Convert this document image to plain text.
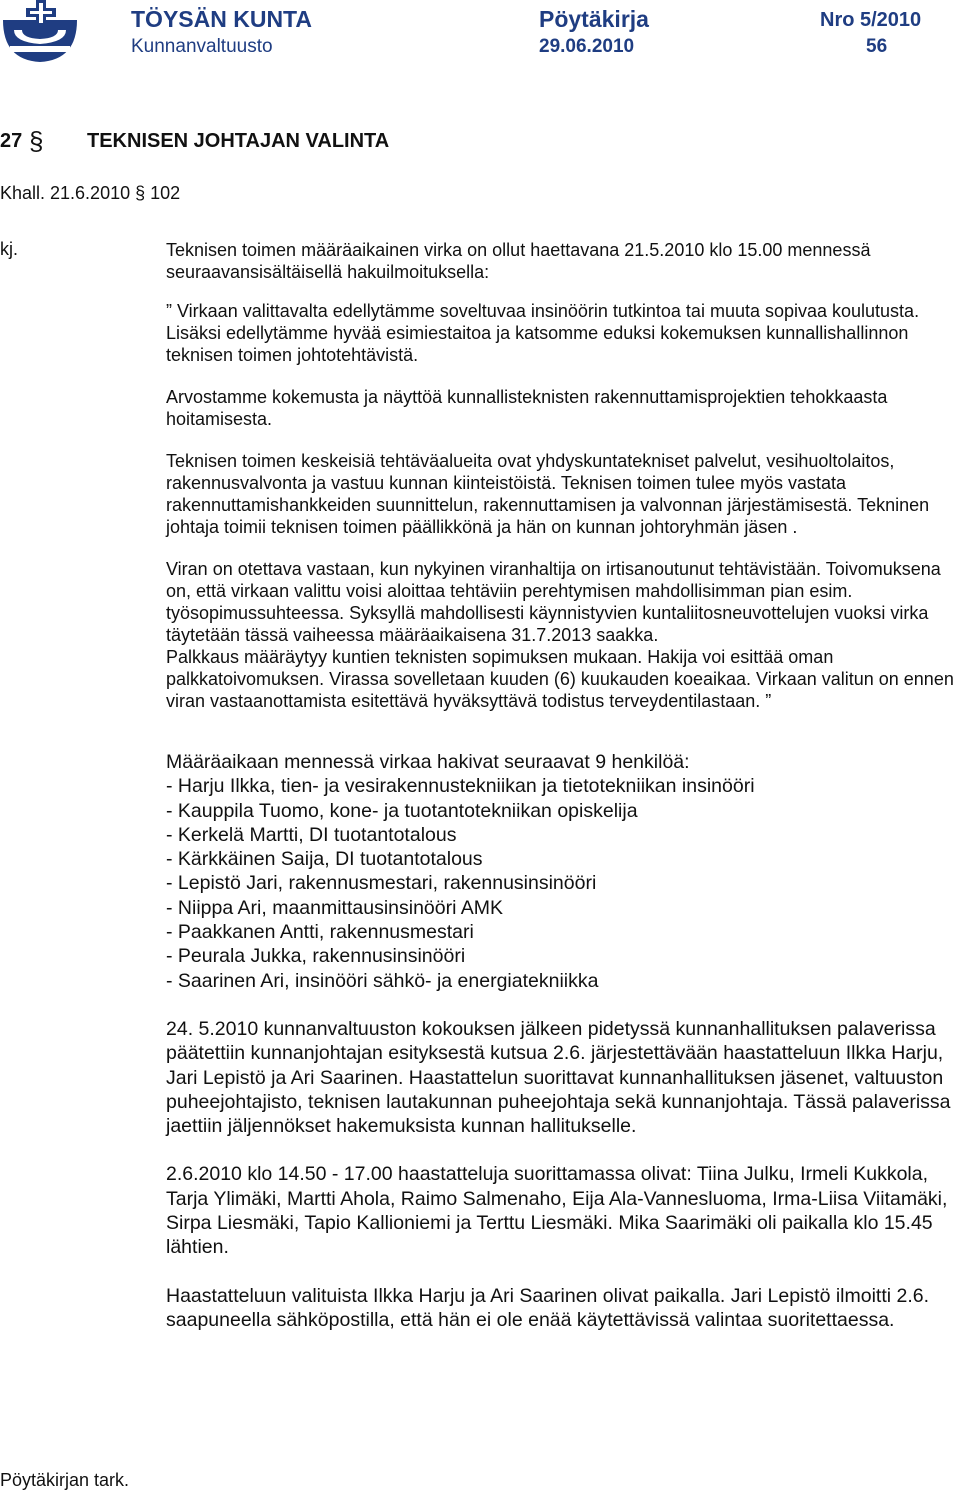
TÖYSÄN KUNTA	Pöytäkirja	Nro 5/2010
Kunnanvaltuusto	29.06.2010	56
27 § TEKNISEN JOHTAJAN VALINTA
Khall. 21.6.2010 § 102
kj.	Teknisen toimen määräaikainen virka on ollut haettavana 21.5.2010 klo 15.00 mennessä seuraavansisältäisellä hakuilmoituksella:

” Virkaan valittavalta edellytämme soveltuvaa insinöörin tutkintoa tai muuta sopivaa koulutusta. Lisäksi edellytämme hyvää esimiestaitoa ja katsomme eduksi kokemuksen kunnallishallinnon teknisen toimen johtotehtävistä.

Arvostamme kokemusta ja näyttöä kunnallisteknisten rakennuttamisprojektien tehokkaasta hoitamisesta.

Teknisen toimen keskeisiä tehtäväalueita ovat yhdyskuntatekniset palvelut, vesihuoltolaitos, rakennusvalvonta ja vastuu kunnan kiinteistöistä. Teknisen toimen tulee myös vastata rakennuttamishankkeiden suunnittelun, rakennuttamisen ja valvonnan järjestämisestä. Tekninen johtaja toimii teknisen toimen päällikkönä ja hän on kunnan johtoryhmän jäsen .

Viran on otettava vastaan, kun nykyinen viranhaltija on irtisanoutunut tehtävistään. Toivomuksena on, että virkaan valittu voisi aloittaa tehtäviin perehtymisen mahdollisimman pian esim. työsopimussuhteessa. Syksyllä mahdollisesti käynnistyvien kuntaliitosneuvottelujen vuoksi virka täytetään tässä vaiheessa määräaikaisena 31.7.2013 saakka.

Palkkaus määräytyy kuntien teknisten sopimuksen mukaan. Hakija voi esittää oman palkkatoivomuksen. Virassa sovelletaan kuuden (6) kuukauden koeaikaa. Virkaan valitun on ennen viran vastaanottamista esitettävä hyväksyttävä todistus terveydentilastaan. ”

Määräaikaan mennessä virkaa hakivat seuraavat 9 henkilöä:

- Harju Ilkka, tien- ja vesirakennustekniikan ja tietotekniikan insinööri

- Kauppila Tuomo, kone- ja tuotantotekniikan opiskelija

- Kerkelä Martti, DI tuotantotalous

- Kärkkäinen Saija, DI tuotantotalous

- Lepistö Jari, rakennusmestari, rakennusinsinööri

- Niippa Ari, maanmittausinsinööri AMK

- Paakkanen Antti, rakennusmestari

- Peurala Jukka, rakennusinsinööri

- Saarinen Ari, insinööri sähkö- ja energiatekniikka

24. 5.2010 kunnanvaltuuston kokouksen jälkeen pidetyssä kunnanhallituksen palaverissa päätettiin kunnanjohtajan esityksestä kutsua 2.6. järjestettävään haastatteluun Ilkka Harju, Jari Lepistö ja Ari Saarinen. Haastattelun suorittavat kunnanhallituksen jäsenet, valtuuston puheejohtajisto, teknisen lautakunnan puheejohtaja sekä kunnanjohtaja. Tässä palaverissa jaettiin jäljennökset hakemuksista kunnan hallitukselle.

2.6.2010 klo 14.50 - 17.00 haastatteluja suorittamassa olivat: Tiina Julku, Irmeli Kukkola, Tarja Ylimäki, Martti Ahola, Raimo Salmenaho, Eija Ala-Vannesluoma, Irma-Liisa Viitamäki, Sirpa Liesmäki, Tapio Kallioniemi ja Terttu Liesmäki. Mika Saarimäki oli paikalla klo 15.45 lähtien.

Haastatteluun valituista Ilkka Harju ja Ari Saarinen olivat paikalla. Jari Lepistö ilmoitti 2.6. saapuneella sähköpostilla, että hän ei ole enää käytettävissä valintaa suoritettaessa.

Pöytäkirjan tark.
